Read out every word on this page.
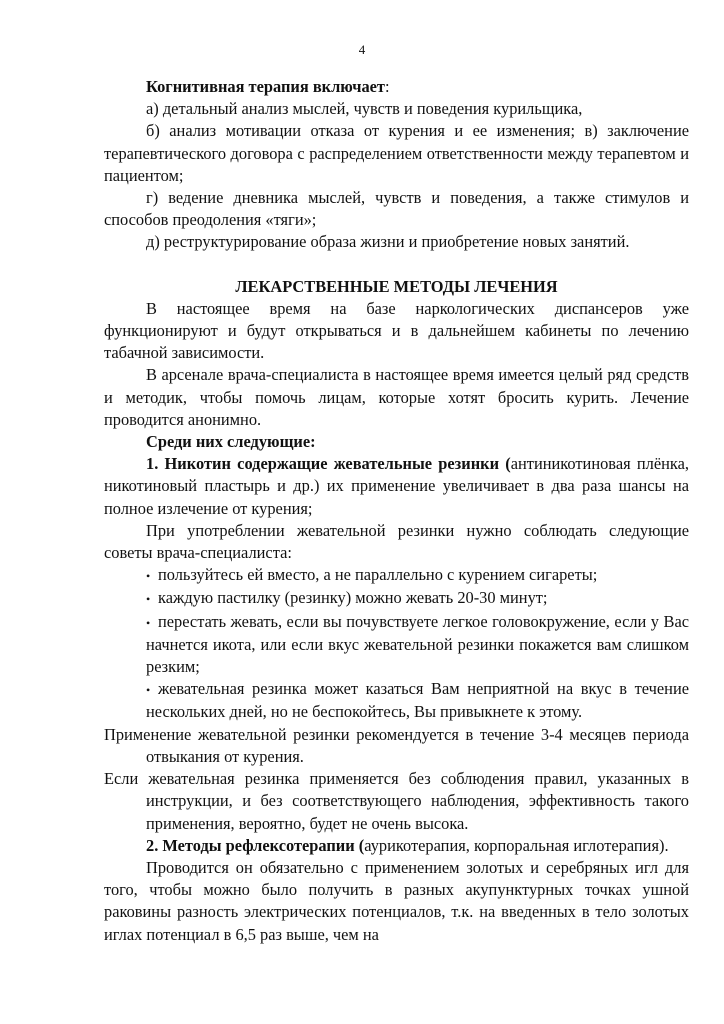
4

Когнитивная терапия включает:

а) детальный анализ мыслей, чувств и поведения курильщика,

б) анализ мотивации отказа от курения и ее изменения; в) заключение терапевтического договора с распределением ответственности между терапевтом и пациентом;

г) ведение дневника мыслей, чувств и поведения, а также стимулов и способов преодоления «тяги»;

д) реструктурирование образа жизни и приобретение новых занятий.

ЛЕКАРСТВЕННЫЕ МЕТОДЫ ЛЕЧЕНИЯ

В настоящее время на базе наркологических диспансеров уже функционируют и будут открываться и в дальнейшем кабинеты по лечению табачной зависимости.

В арсенале врача-специалиста в настоящее время имеется целый ряд средств и методик, чтобы помочь лицам, которые хотят бросить курить. Лечение проводится анонимно.

Среди них следующие:

1. Никотин содержащие жевательные резинки (антиникотиновая плёнка, никотиновый пластырь и др.) их применение увеличивает в два раза шансы на полное излечение от курения;

При употреблении жевательной резинки нужно соблюдать следующие советы врача-специалиста:

• пользуйтесь ей вместо, а не параллельно с курением сигареты;

• каждую пастилку (резинку) можно жевать 20-30 минут;

• перестать жевать, если вы почувствуете легкое головокружение, если у Вас начнется икота, или если вкус жевательной резинки покажется вам слишком резким;

• жевательная резинка может казаться Вам неприятной на вкус в течение нескольких дней, но не беспокойтесь, Вы привыкнете к этому.

Применение жевательной резинки рекомендуется в течение 3-4 месяцев периода отвыкания от курения.

Если жевательная резинка применяется без соблюдения правил, указанных в инструкции, и без соответствующего наблюдения, эффективность такого применения, вероятно, будет не очень высока.

2. Методы рефлексотерапии (аурикотерапия, корпоральная иглотерапия).

Проводится он обязательно с применением золотых и серебряных игл для того, чтобы можно было получить в разных акупунктурных точках ушной раковины разность электрических потенциалов, т.к. на введенных в тело золотых иглах потенциал в 6,5 раз выше, чем на
